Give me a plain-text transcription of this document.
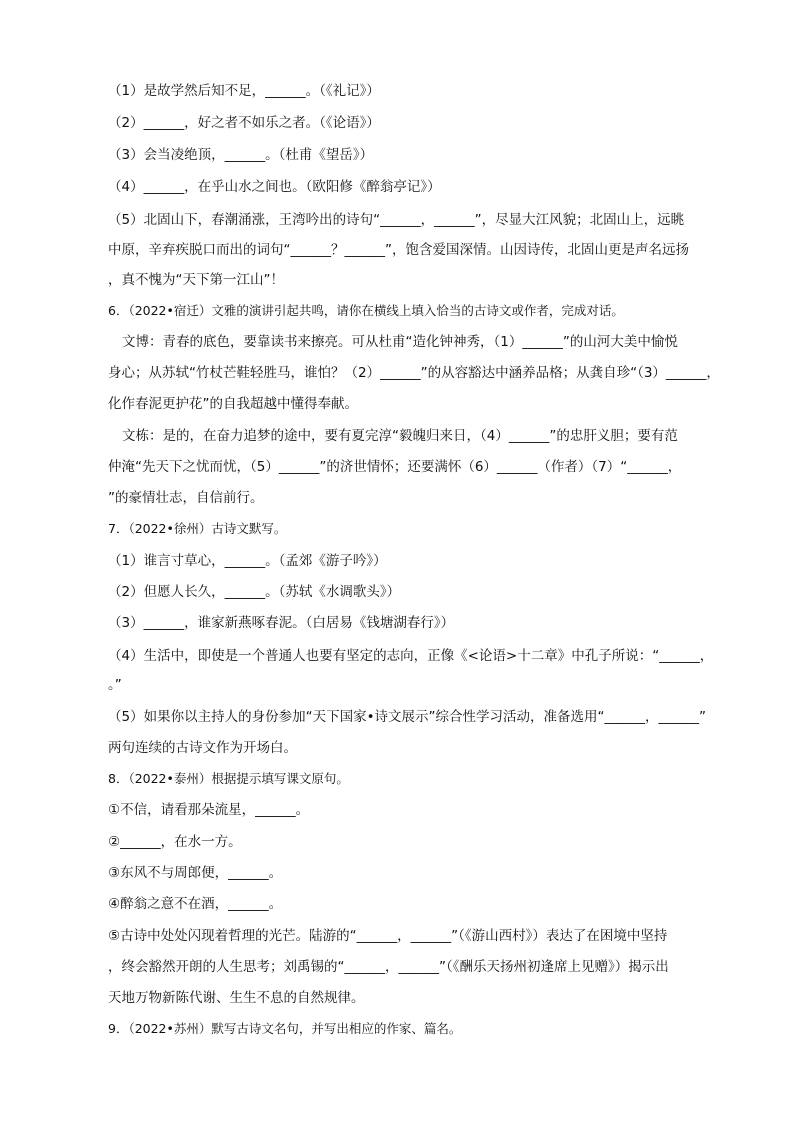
（1）是故学然后知不足，______。（《礼记》）
（2）______，好之者不如乐之者。（《论语》）
（3）会当凌绝顶，______。（杜甫《望岳》）
（4）______，在乎山水之间也。（欧阳修《醉翁亭记》）
（5）北固山下，春潮涌涨，王湾吟出的诗句“______，______”，尽显大江风貌；北固山上，远眺
中原，辛弃疾脱口而出的词句“______？______”，饱含爱国深情。山因诗传，北固山更是声名远扬
，真不愧为“天下第一江山”！
6．（2022•宿迁）文雅的演讲引起共鸣，请你在横线上填入恰当的古诗文或作者，完成对话。
文博：青春的底色，要靠读书来擦亮。可从杜甫“造化钟神秀，（1）______”的山河大美中愉悦
身心；从苏轼“竹杖芒鞋轻胜马，谁怕？（2）______”的从容豁达中涵养品格；从龚自珍“（3）______，
化作春泥更护花”的自我超越中懂得奉献。
文栋：是的，在奋力追梦的途中，要有夏完淳“毅魄归来日，（4）______”的忠肝义胆；要有范
仲淹“先天下之忧而忧，（5）______”的济世情怀；还要满怀（6）______（作者）（7）“______，
”的豪情壮志，自信前行。
7．（2022•徐州）古诗文默写。
（1）谁言寸草心，______。（孟郊《游子吟》）
（2）但愿人长久，______。（苏轼《水调歌头》）
（3）______，谁家新燕啄春泥。（白居易《钱塘湖春行》）
（4）生活中，即使是一个普通人也要有坚定的志向，正像《<论语>十二章》中孔子所说：“______，
。”
（5）如果你以主持人的身份参加“天下国家•诗文展示”综合性学习活动，准备选用“______，______”
两句连续的古诗文作为开场白。
8．（2022•泰州）根据提示填写课文原句。
①不信，请看那朵流星，______。
②______，在水一方。
③东风不与周郎便，______。
④醉翁之意不在酒，______。
⑤古诗中处处闪现着哲理的光芒。陆游的“______，______”（《游山西村》）表达了在困境中坚持
，终会豁然开朗的人生思考；刘禹锡的“______，______”（《酬乐天扬州初逢席上见赠》）揭示出
天地万物新陈代谢、生生不息的自然规律。
9．（2022•苏州）默写古诗文名句，并写出相应的作家、篇名。
